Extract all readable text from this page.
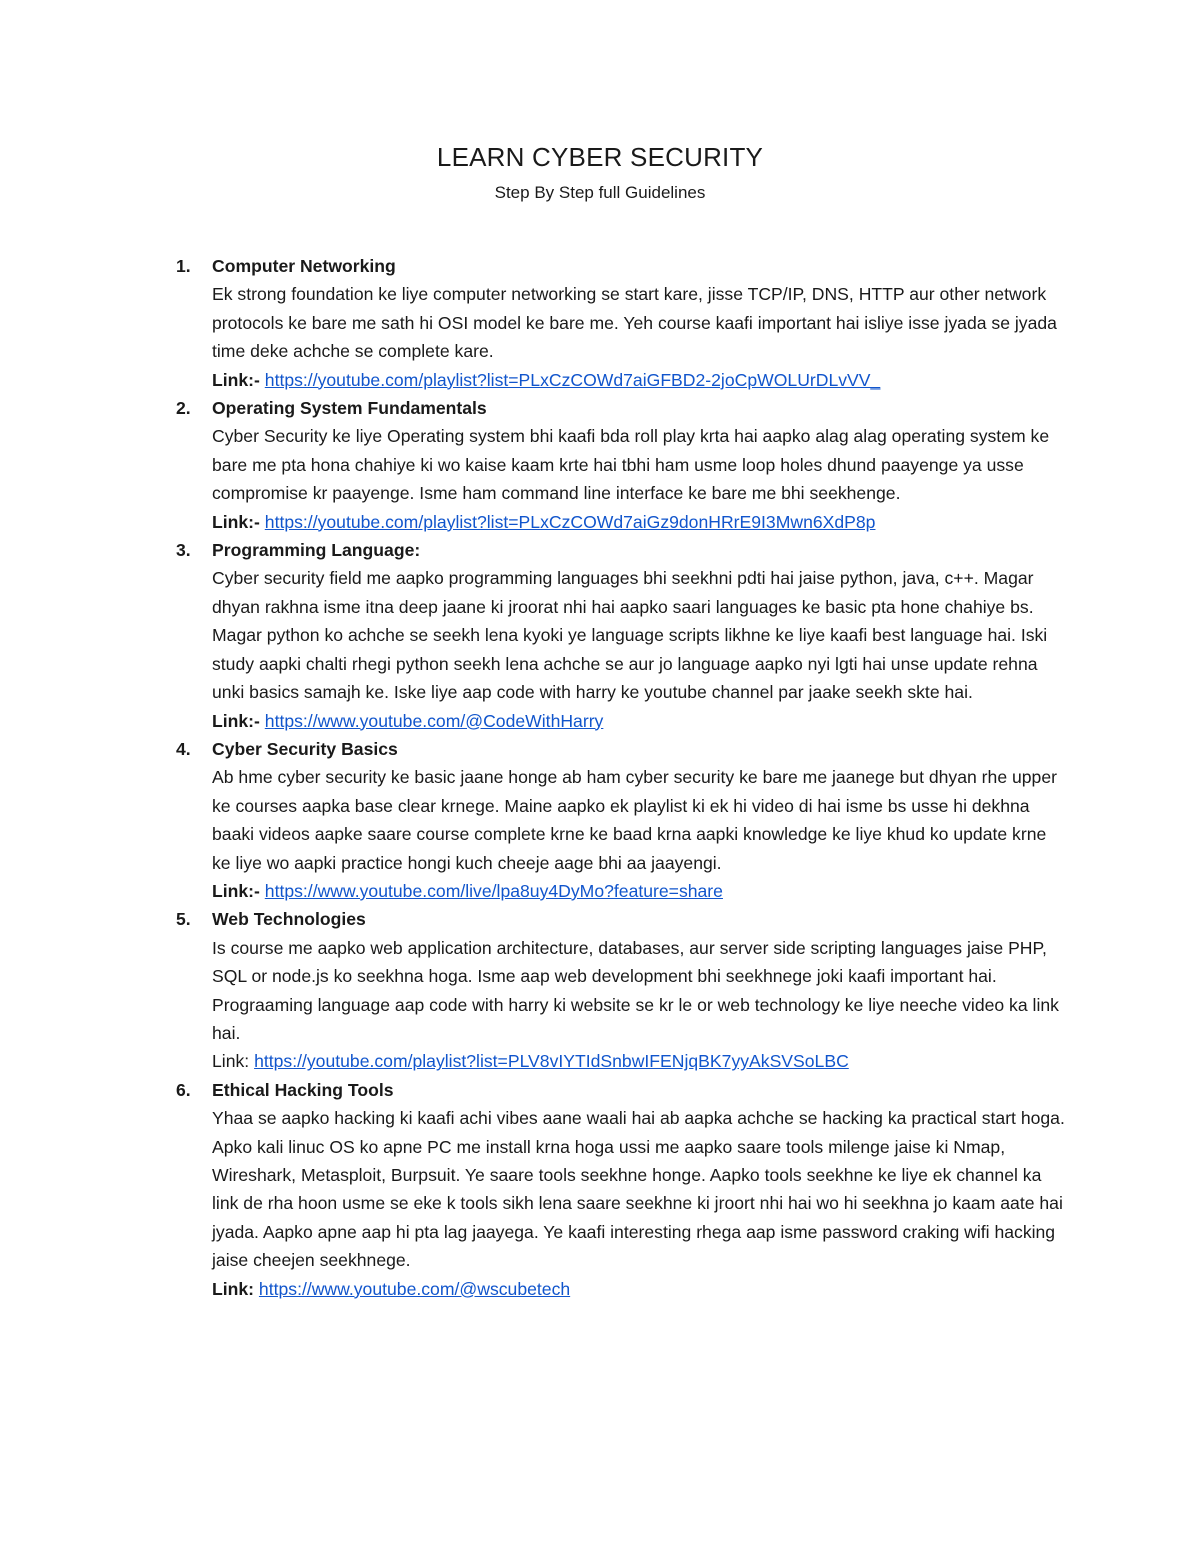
LEARN CYBER SECURITY

Step By Step full Guidelines

1. Computer Networking
Ek strong foundation ke liye computer networking se start kare, jisse TCP/IP, DNS, HTTP aur other network protocols ke bare me sath hi OSI model ke bare me. Yeh course kaafi important hai isliye isse jyada se jyada time deke achche se complete kare.
Link:- https://youtube.com/playlist?list=PLxCzCOWd7aiGFBD2-2joCpWOLUrDLvVV_
2. Operating System Fundamentals
Cyber Security ke liye Operating system bhi kaafi bda roll play krta hai aapko alag alag operating system ke bare me pta hona chahiye ki wo kaise kaam krte hai tbhi ham usme loop holes dhund paayenge ya usse compromise kr paayenge. Isme ham command line interface ke bare me bhi seekhenge.
Link:- https://youtube.com/playlist?list=PLxCzCOWd7aiGz9donHRrE9I3Mwn6XdP8p
3. Programming Language:
Cyber security field me aapko programming languages bhi seekhni pdti hai jaise python, java, c++. Magar dhyan rakhna isme itna deep jaane ki jroorat nhi hai aapko saari languages ke basic pta hone chahiye bs. Magar python ko achche se seekh lena kyoki ye language scripts likhne ke liye kaafi best language hai. Iski study aapki chalti rhegi python seekh lena achche se aur jo language aapko nyi lgti hai unse update rehna unki basics samajh ke. Iske liye aap code with harry ke youtube channel par jaake seekh skte hai.
Link:- https://www.youtube.com/@CodeWithHarry
4. Cyber Security Basics
Ab hme cyber security ke basic jaane honge ab ham cyber security ke bare me jaanege but dhyan rhe upper ke courses aapka base clear krnege. Maine aapko ek playlist ki ek hi video di hai isme bs usse hi dekhna baaki videos aapke saare course complete krne ke baad krna aapki knowledge ke liye khud ko update krne ke liye wo aapki practice hongi kuch cheeje aage bhi aa jaayengi.
Link:- https://www.youtube.com/live/lpa8uy4DyMo?feature=share
5. Web Technologies
Is course me aapko web application architecture, databases, aur server side scripting languages jaise PHP, SQL or node.js ko seekhna hoga. Isme aap web development bhi seekhnege joki kaafi important hai. Prograaming language aap code with harry ki website se kr le or web technology ke liye neeche video ka link hai.
Link: https://youtube.com/playlist?list=PLV8vIYTIdSnbwIFENjqBK7yyAkSVSoLBC
6. Ethical Hacking Tools
Yhaa se aapko hacking ki kaafi achi vibes aane waali hai ab aapka achche se hacking ka practical start hoga. Apko kali linuc OS ko apne PC me install krna hoga ussi me aapko saare tools milenge jaise ki Nmap, Wireshark, Metasploit, Burpsuit. Ye saare tools seekhne honge. Aapko tools seekhne ke liye ek channel ka link de rha hoon usme se eke k tools sikh lena saare seekhne ki jroort nhi hai wo hi seekhna jo kaam aate hai jyada. Aapko apne aap hi pta lag jaayega. Ye kaafi interesting rhega aap isme password craking wifi hacking jaise cheejen seekhnege.
Link: https://www.youtube.com/@wscubetech
